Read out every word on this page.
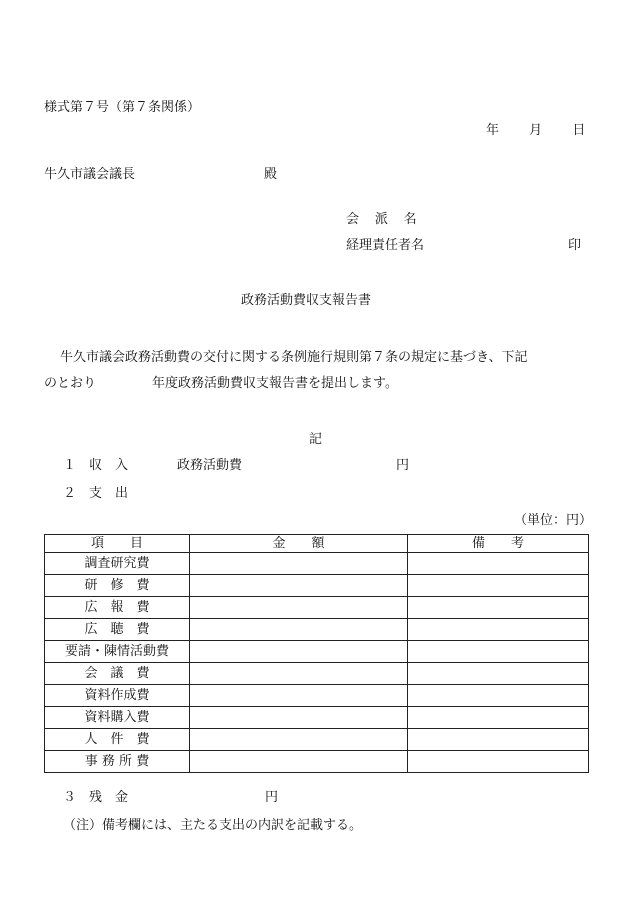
様式第７号（第７条関係）
年 月 日
牛久市議会議長	殿
会 派 名
経理責任者名	印
政務活動費収支報告書
牛久市議会政務活動費の交付に関する条例施行規則第７条の規定に基づき、下記
のとおり	年度政務活動費収支報告書を提出します。
記
１　 収　入	政務活動費	円
２　 支　出
（単位：円）
項　　目	金　　額	備　　考
調査研究費		
研　修　費		
広　報　費		
広　聴　費		
要請・陳情活動費		
会　議　費		
資料作成費		
資料購入費		
人　件　費		
事 務 所 費		
３　 残　金	円
（注）備考欄には、主たる支出の内訳を記載する。
